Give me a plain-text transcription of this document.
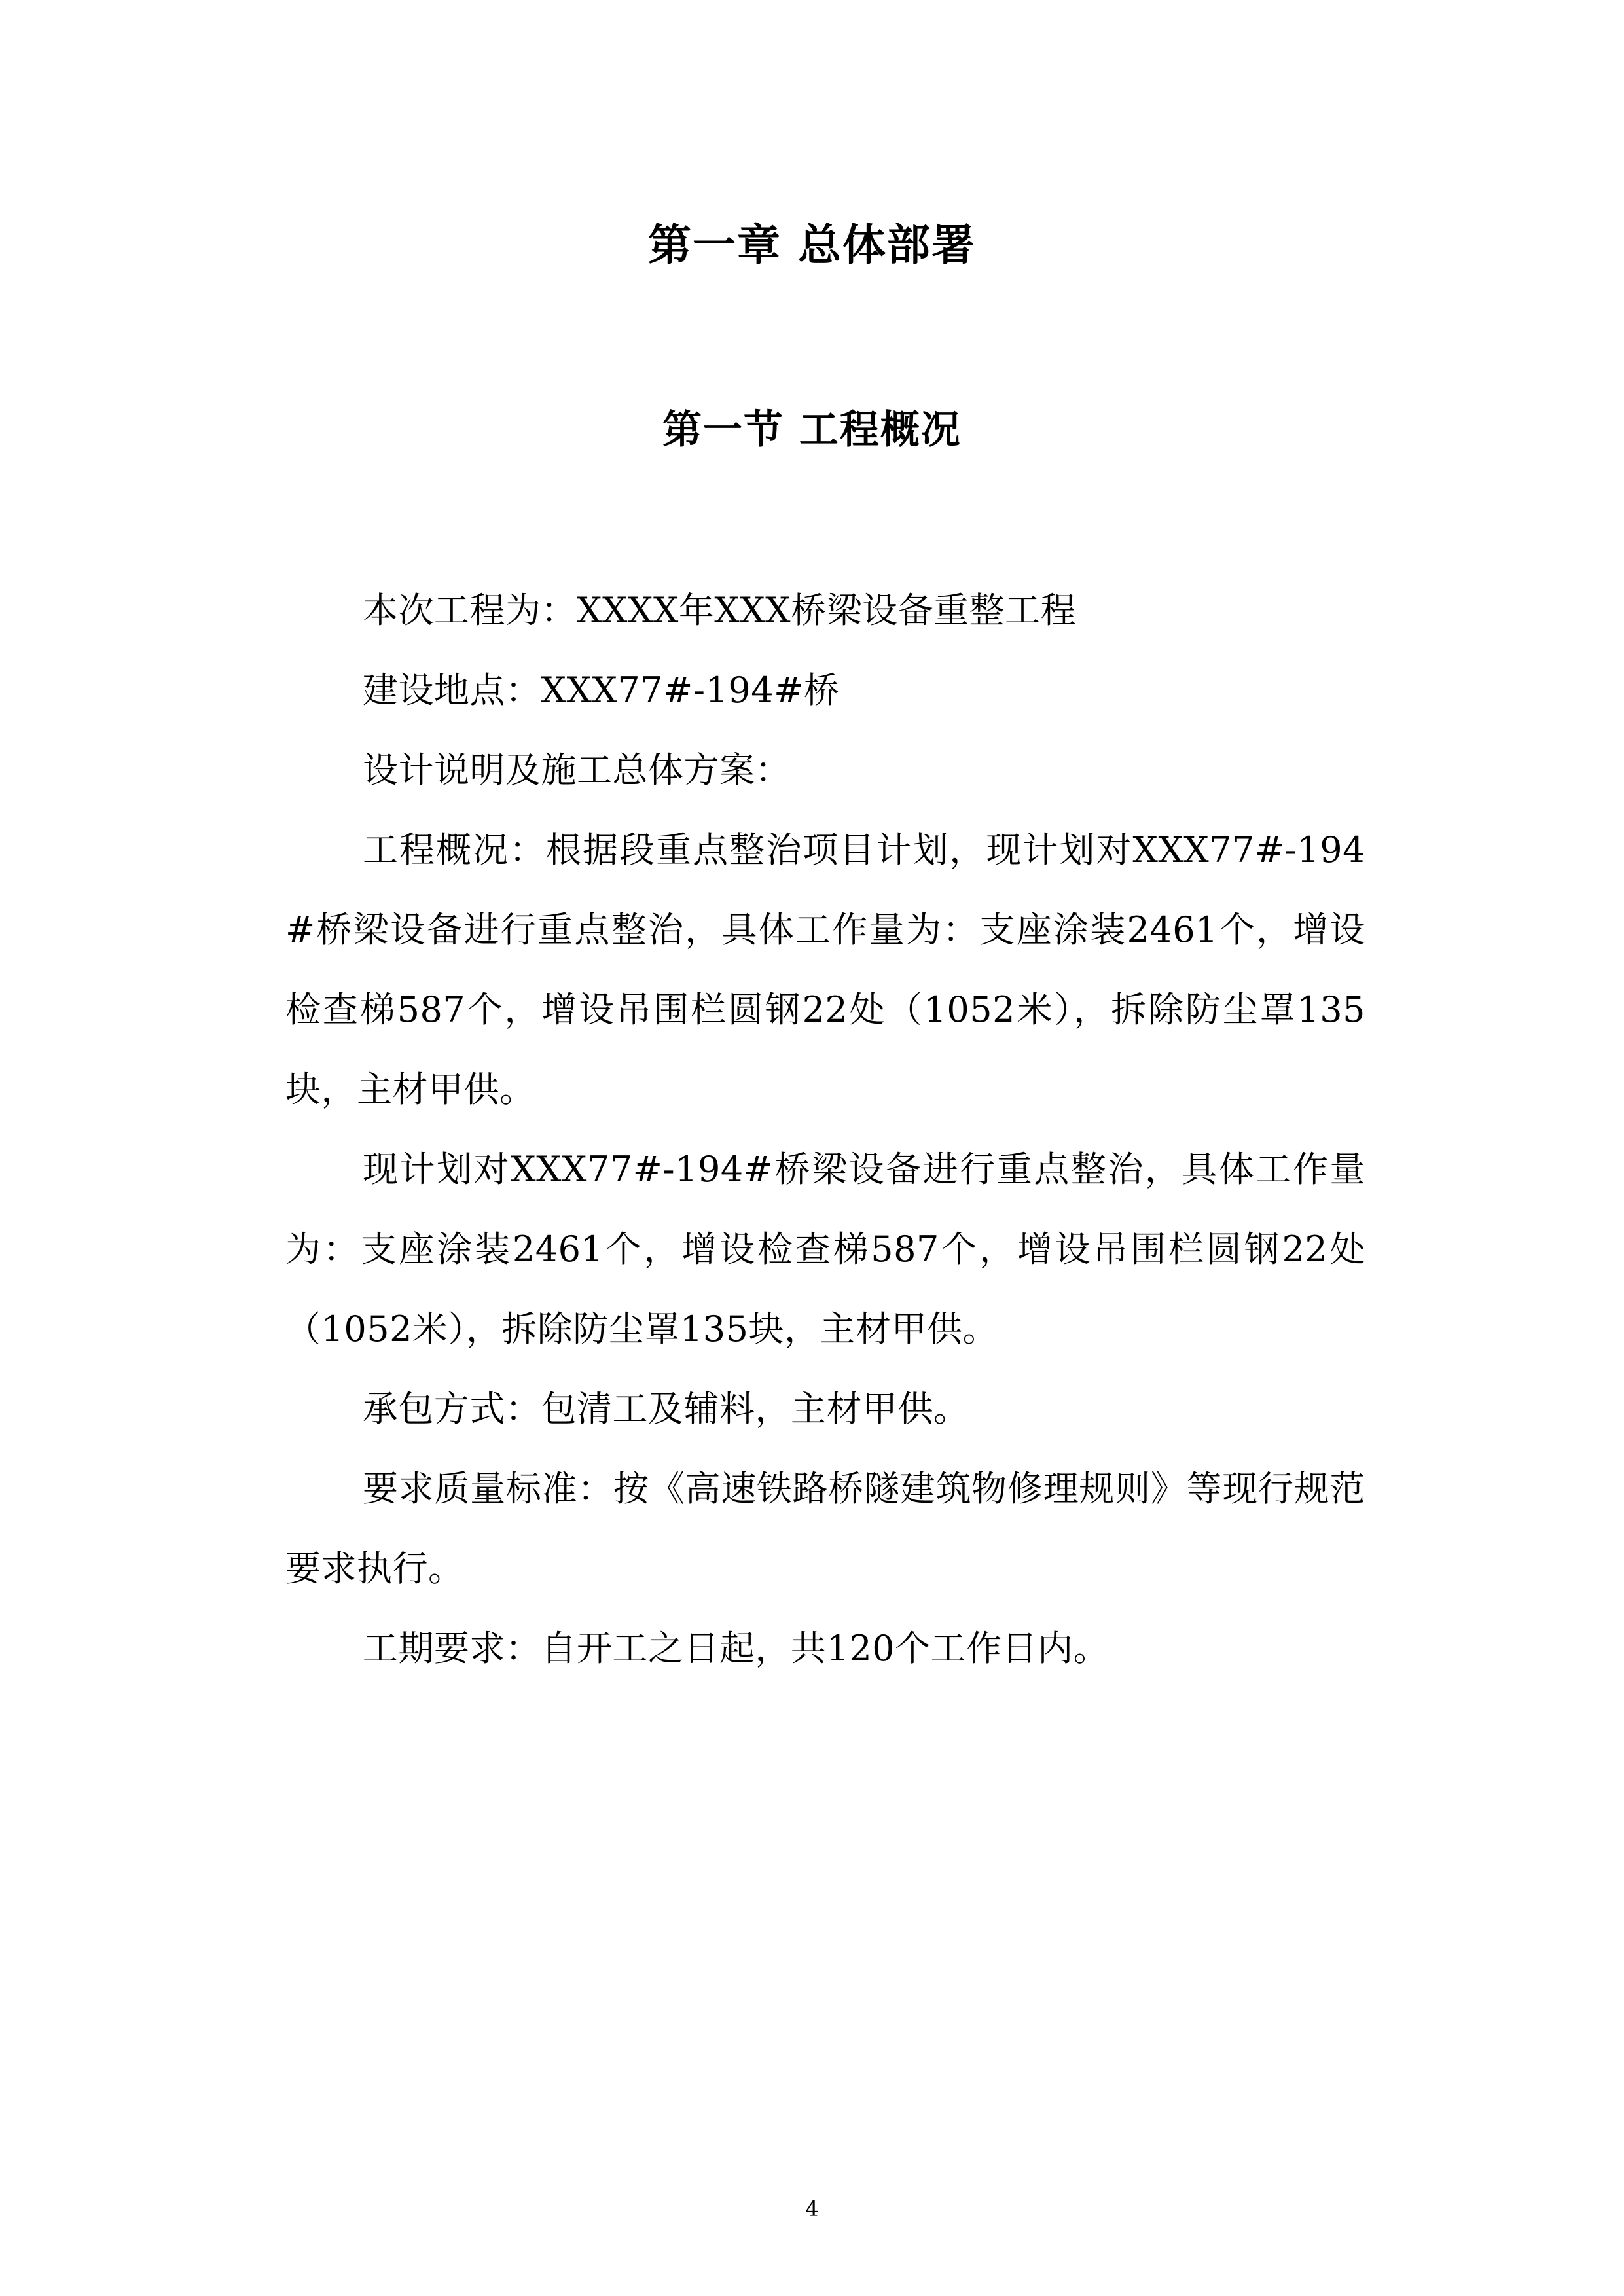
第一章 总体部署
第一节 工程概况

本次工程为：XXXX年XXX桥梁设备重整工程

建设地点：XXX77#-194#桥

设计说明及施工总体方案：

工程概况：根据段重点整治项目计划，现计划对XXX77#-194#桥梁设备进行重点整治，具体工作量为：支座涂装2461个，增设检查梯587个，增设吊围栏圆钢22处（1052米），拆除防尘罩135块，主材甲供。

现计划对XXX77#-194#桥梁设备进行重点整治，具体工作量为：支座涂装2461个，增设检查梯587个，增设吊围栏圆钢22处（1052米），拆除防尘罩135块，主材甲供。

承包方式：包清工及辅料，主材甲供。

要求质量标准：按《高速铁路桥隧建筑物修理规则》等现行规范要求执行。

工期要求：自开工之日起，共120个工作日内。

4
